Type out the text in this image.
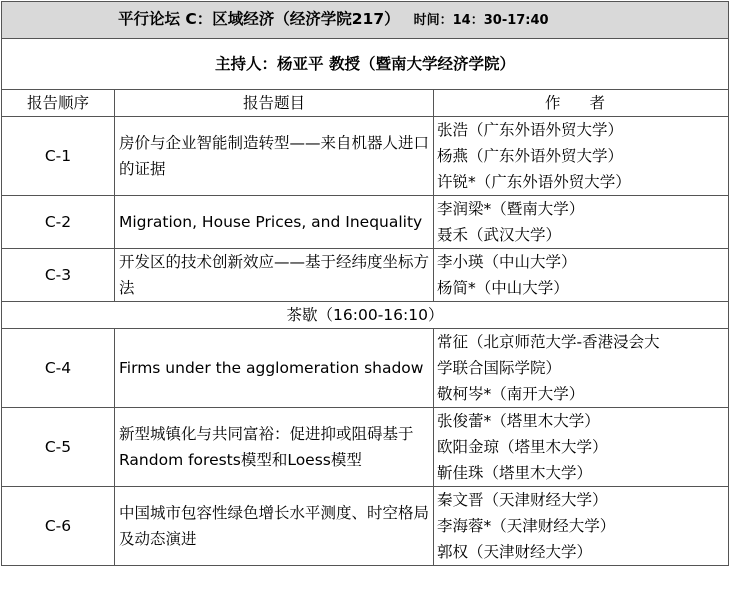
平行论坛 C：区域经济（经济学院217） 时间：14：30-17:40		
主持人：杨亚平 教授（暨南大学经济学院）		
报告顺序	报告题目	作 者
C-1	房价与企业智能制造转型——来自机器人进口的证据	张浩（广东外语外贸大学）
杨燕（广东外语外贸大学）
许锐*（广东外语外贸大学）

C-2	Migration, House Prices, and Inequality	李润梁*（暨南大学）
聂禾（武汉大学）

C-3	开发区的技术创新效应——基于经纬度坐标方法	李小瑛（中山大学）
杨简*（中山大学）

茶歇（16:00-16:10）		
C-4	Firms under the agglomeration shadow	常征（北京师范大学-香港浸会大
学联合国际学院）
敬柯岑*（南开大学）

C-5	新型城镇化与共同富裕：促进抑或阻碍基于Random forests模型和Loess模型	张俊蕾*（塔里木大学）
欧阳金琼（塔里木大学）
靳佳珠（塔里木大学）

C-6	中国城市包容性绿色增长水平测度、时空格局及动态演进	秦文晋（天津财经大学）
李海蓉*（天津财经大学）
郭权（天津财经大学）
